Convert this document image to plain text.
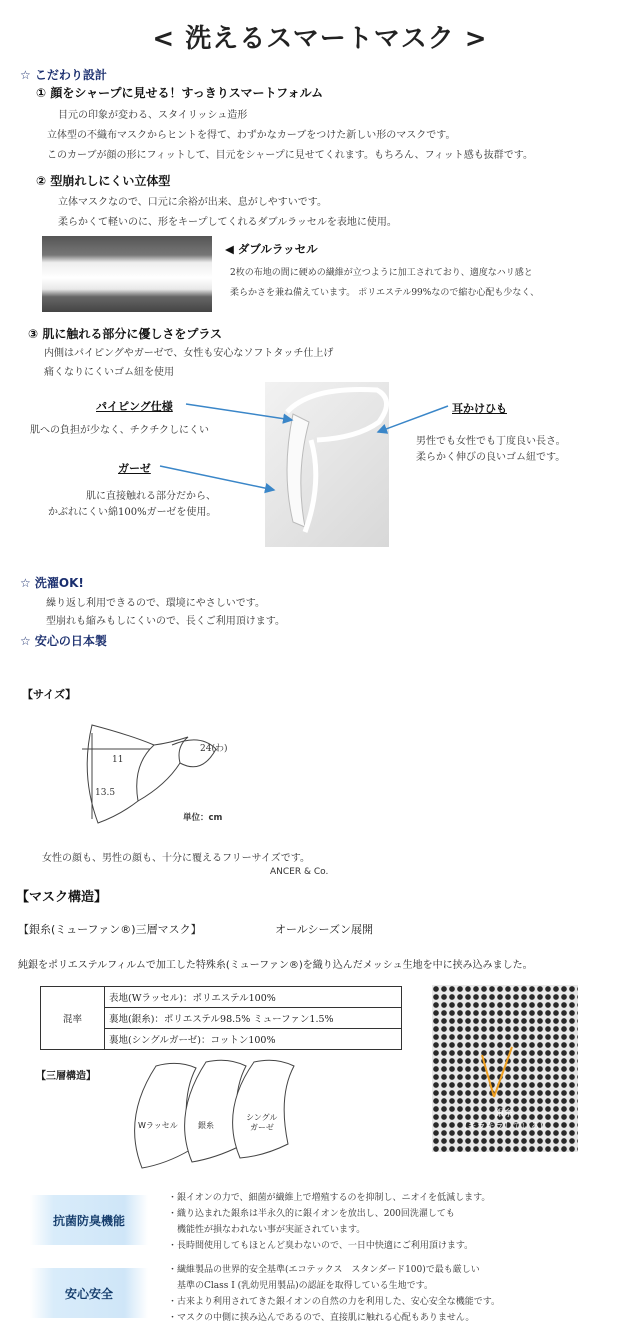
< 洗えるスマートマスク >
☆ こだわり設計
① 顔をシャープに見せる！すっきりスマートフォルム
目元の印象が変わる、スタイリッシュ造形
立体型の不織布マスクからヒントを得て、わずかなカーブをつけた新しい形のマスクです。
このカーブが顔の形にフィットして、目元をシャープに見せてくれます。もちろん、フィット感も抜群です。
② 型崩れしにくい立体型
立体マスクなので、口元に余裕が出来、息がしやすいです。
柔らかくて軽いのに、形をキープしてくれるダブルラッセルを表地に使用。
◀ ダブルラッセル
2枚の布地の間に硬めの繊維が立つように加工されており、適度なハリ感と
柔らかさを兼ね備えています。 ポリエステル99%なので縮む心配も少なく、
③ 肌に触れる部分に優しさをプラス
内側はパイピングやガーゼで、女性も安心なソフトタッチ仕上げ
痛くなりにくいゴム紐を使用
パイピング仕様
肌への負担が少なく、チクチクしにくい
ガーゼ
肌に直接触れる部分だから、
かぶれにくい綿100%ガーゼを使用。
耳かけひも
男性でも女性でも丁度良い長さ。
柔らかく伸びの良いゴム紐です。
☆ 洗濯OK!
繰り返し利用できるので、環境にやさしいです。
型崩れも縮みもしにくいので、長くご利用頂けます。
☆ 安心の日本製
【サイズ】
11
13.5
24(わ)
単位：cm
女性の顔も、男性の顔も、十分に覆えるフリーサイズです。
ANCER & Co.
【マスク構造】
【銀糸(ミューファン®)三層マスク】	オールシーズン展開
純銀をポリエステルフィルムで加工した特殊糸(ミューファン®)を織り込んだメッシュ生地を中に挟み込みました。
混率	表地(Wラッセル)：ポリエステル100%
裏地(銀糸)：ポリエステル98.5% ミューファン1.5%
裏地(シングルガーゼ)：コットン100%
【三層構造】
Wラッセル	銀糸
シングル
ガーゼ
銀糸
(キラキラしている)
抗菌防臭機能
・銀イオンの力で、細菌が繊維上で増殖するのを抑制し、ニオイを低減します。
・織り込まれた銀糸は半永久的に銀イオンを放出し、200回洗濯しても
　機能性が損なわれない事が実証されています。
・長時間使用してもほとんど臭わないので、一日中快適にご利用頂けます。
安心安全
・繊維製品の世界的安全基準(エコテックス　スタンダード100)で最も厳しい
　基準のClass I (乳幼児用製品)の認証を取得している生地です。
・古来より利用されてきた銀イオンの自然の力を利用した、安心安全な機能です。
・マスクの中側に挟み込んであるので、直接肌に触れる心配もありません。
